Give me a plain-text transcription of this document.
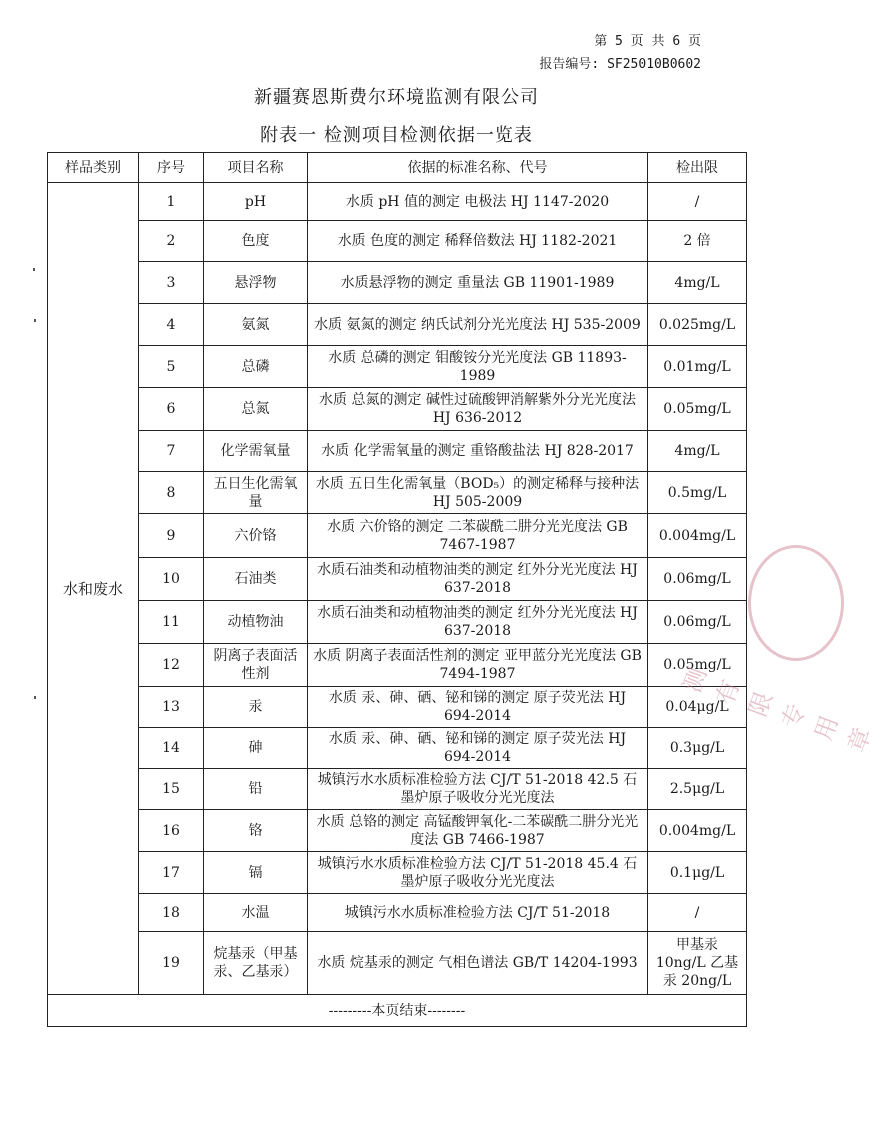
第 5 页 共 6 页
报告编号: SF25010B0602
新疆赛恩斯费尔环境监测有限公司
附表一 检测项目检测依据一览表
样品类别	序号	项目名称	依据的标准名称、代号	检出限
水和废水	1	pH	水质 pH 值的测定 电极法 HJ 1147-2020	/
	2	色度	水质 色度的测定 稀释倍数法 HJ 1182-2021	2 倍
	3	悬浮物	水质悬浮物的测定 重量法 GB 11901-1989	4mg/L
	4	氨氮	水质 氨氮的测定 纳氏试剂分光光度法 HJ 535-2009	0.025mg/L
	5	总磷	水质 总磷的测定 钼酸铵分光光度法 GB 11893-1989	0.01mg/L
	6	总氮	水质 总氮的测定 碱性过硫酸钾消解紫外分光光度法 HJ 636-2012	0.05mg/L
	7	化学需氧量	水质 化学需氧量的测定 重铬酸盐法 HJ 828-2017	4mg/L
	8	五日生化需氧量	水质 五日生化需氧量（BOD₅）的测定稀释与接种法 HJ 505-2009	0.5mg/L
	9	六价铬	水质 六价铬的测定 二苯碳酰二肼分光光度法 GB 7467-1987	0.004mg/L
	10	石油类	水质石油类和动植物油类的测定 红外分光光度法 HJ 637-2018	0.06mg/L
	11	动植物油	水质石油类和动植物油类的测定 红外分光光度法 HJ 637-2018	0.06mg/L
	12	阴离子表面活性剂	水质 阴离子表面活性剂的测定 亚甲蓝分光光度法 GB 7494-1987	0.05mg/L
	13	汞	水质 汞、砷、硒、铋和锑的测定 原子荧光法 HJ 694-2014	0.04μg/L
	14	砷	水质 汞、砷、硒、铋和锑的测定 原子荧光法 HJ 694-2014	0.3μg/L
	15	铅	城镇污水水质标准检验方法 CJ/T 51-2018 42.5 石墨炉原子吸收分光光度法	2.5μg/L
	16	铬	水质 总铬的测定 高锰酸钾氧化-二苯碳酰二肼分光光度法 GB 7466-1987	0.004mg/L
	17	镉	城镇污水水质标准检验方法 CJ/T 51-2018 45.4 石墨炉原子吸收分光光度法	0.1μg/L
	18	水温	城镇污水水质标准检验方法 CJ/T 51-2018	/
	19	烷基汞（甲基汞、乙基汞）	水质 烷基汞的测定 气相色谱法 GB/T 14204-1993	甲基汞 10ng/L 乙基汞 20ng/L
---------本页结束--------				
测有限专用章
